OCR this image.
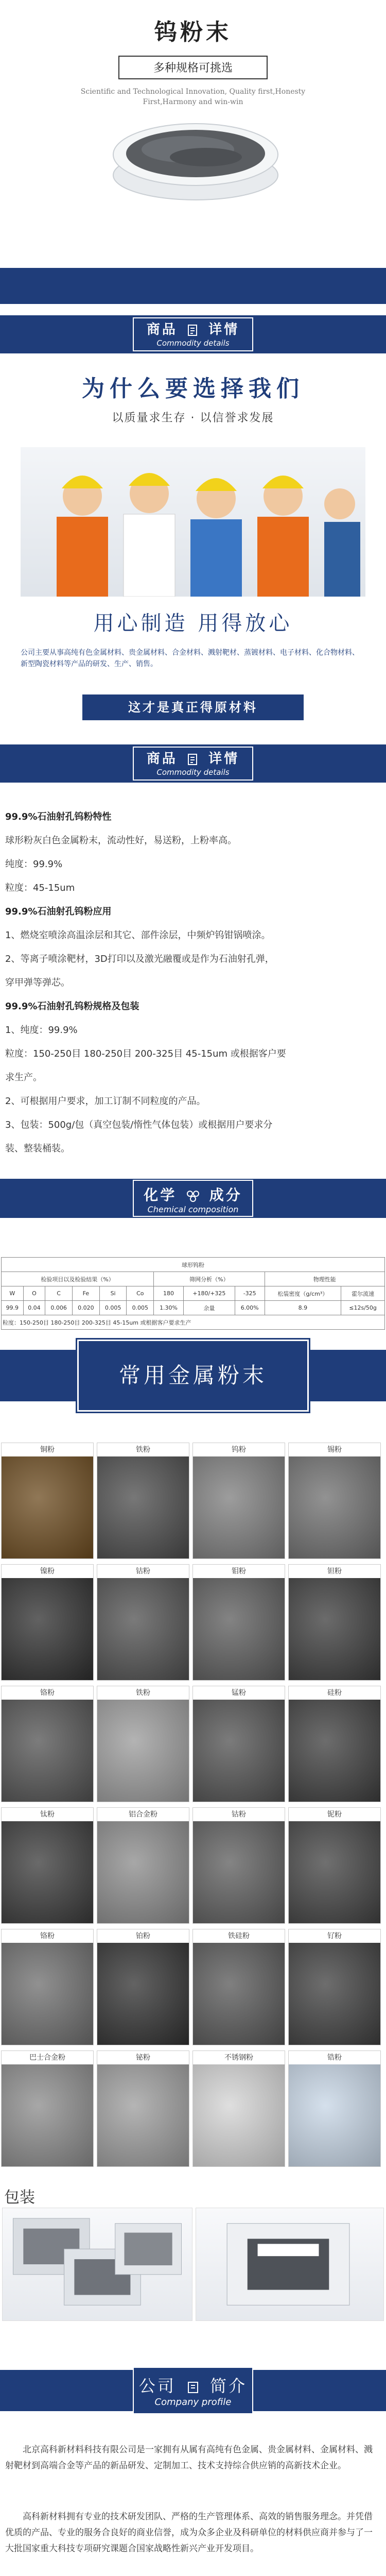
钨粉末
多种规格可挑选
Scientific and Technological Innovation, Quality first,Honesty
First,Harmony and win-win
商品 详情
Commodity details
为什么要选择我们
以质量求生存 · 以信誉求发展
用心制造 用得放心
公司主要从事高纯有色金属材料、贵金属材料、合金材料、溅射靶材、蒸镀材料、电子材料、化合物材料、新型陶瓷材料等产品的研发、生产、销售。
这才是真正得原材料
商品 详情
Commodity details

99.9%石油射孔钨粉特性

球形粉灰白色金属粉末，流动性好，易送粉，上粉率高。

纯度：99.9%

粒度：45-15um

99.9%石油射孔钨粉应用

1、燃烧室喷涂高温涂层和其它、部件涂层，中频炉钨钳锅喷涂。

2、等离子喷涂靶材，3D打印以及激光融覆或是作为石油射孔弹，

穿甲弹等弹芯。

99.9%石油射孔钨粉规格及包装

1、纯度：99.9%

粒度：150-250目 180-250目 200-325目 45-15um 或根据客户要

求生产。

2、可根据用户要求，加工订制不同粒度的产品。

3、包装：500g/包（真空包装/惰性气体包装）或根据用户要求分

装、整装桶装。

化学 成分
Chemical composition
球形钨粉										
检验项目以及检验结果（%）						筛网分析（%）			物理性能	
W	O	C	Fe	Si	Co	180	+180/+325	-325	松装密度（g/cm³）	霍尔流速
99.9	0.04	0.006	0.020	0.005	0.005	1.30%	余量	6.00%	8.9	≤12s/50g
粒度：150-250目 180-250目 200-325目 45-15um 或根据客户要求生产										
常用金属粉末
铜粉	铁粉	钨粉	锡粉
镍粉	钴粉	钼粉	钽粉
铬粉	铁粉	锰粉	硅粉
钛粉	铝合金粉	钴粉	铌粉
铬粉	铂粉	铁硅粉	钌粉
巴士合金粉	铋粉	不锈钢粉	锆粉
包装
公司 简介
Company profile
北京高科新材料科技有限公司是一家拥有从属有高纯有色金属、贵金属材料、金属材料、溅射靶材到高端合金等产品的新品研发、定制加工、技术支持综合供应销的高新技术企业。
高科新材料拥有专业的技术研发团队、严格的生产管理体系、高效的销售服务理念。并凭借优质的产品、专业的服务合良好的商业信誉，成为众多企业及科研单位的材料供应商并参与了一大批国家重大科技专项研究课题合国家战略性新兴产业开发项目。
